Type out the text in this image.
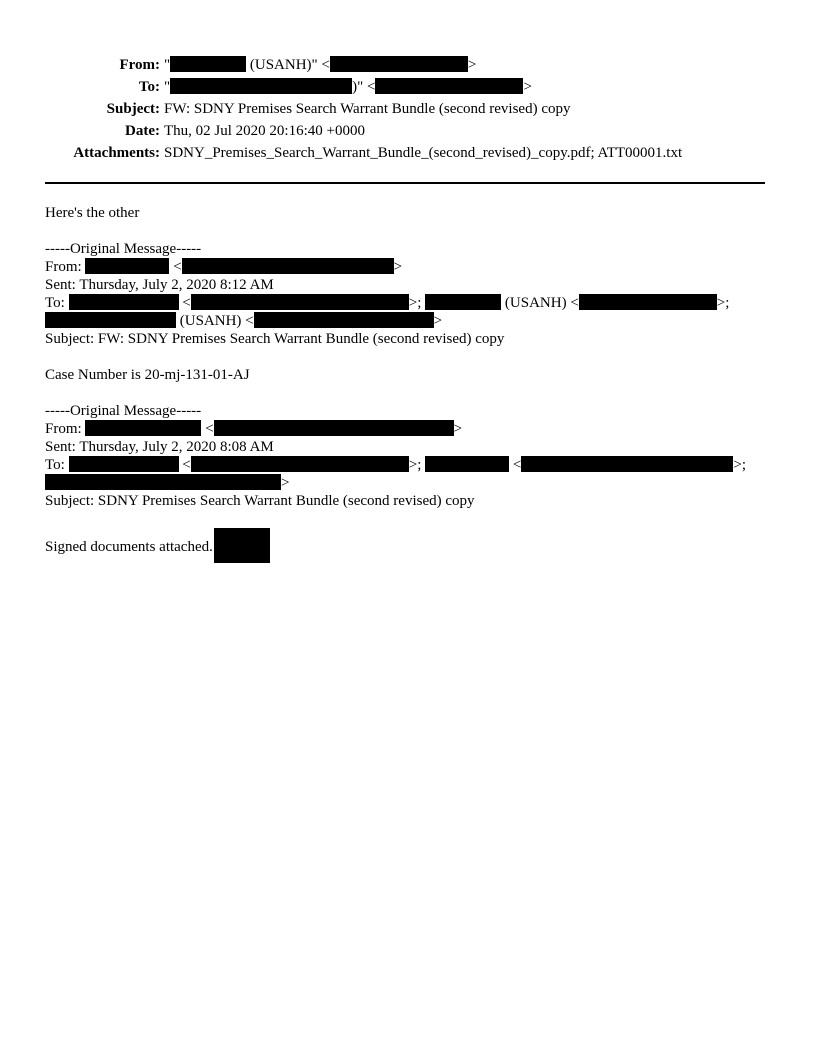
From: "	(USANH)" <	>
To: "	)" <	>
Subject: FW: SDNY Premises Search Warrant Bundle (second revised) copy
Date: Thu, 02 Jul 2020 20:16:40 +0000
Attachments: SDNY_Premises_Search_Warrant_Bundle_(second_revised)_copy.pdf; ATT00001.txt
Here's the other
-----Original Message-----
From:	<	>
Sent: Thursday, July 2, 2020 8:12 AM
To:	<	>;	(USANH) <	>;
(USANH) <	>
Subject: FW: SDNY Premises Search Warrant Bundle (second revised) copy
Case Number is 20-mj-131-01-AJ
-----Original Message-----
From:	<	>
Sent: Thursday, July 2, 2020 8:08 AM
To:	<	>;	<	>;
>
Subject: SDNY Premises Search Warrant Bundle (second revised) copy
Signed documents attached.
